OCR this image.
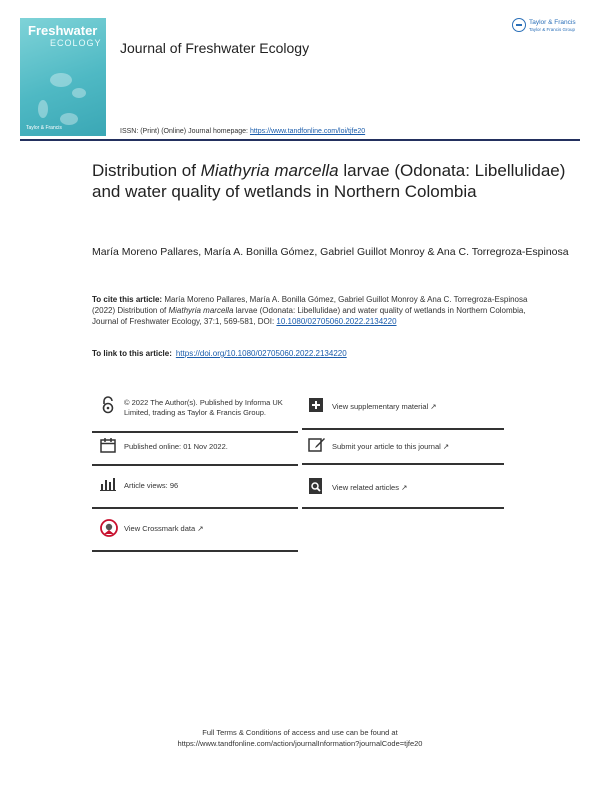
Freshwater
ECOLOGY
Taylor & Francis
Journal of Freshwater Ecology
Taylor & Francis
Taylor & Francis Group
ISSN: (Print) (Online) Journal homepage: https://www.tandfonline.com/loi/tjfe20
Distribution of Miathyria marcella larvae (Odonata: Libellulidae) and water quality of wetlands in Northern Colombia
María Moreno Pallares, María A. Bonilla Gómez, Gabriel Guillot Monroy & Ana C. Torregroza-Espinosa
To cite this article: María Moreno Pallares, María A. Bonilla Gómez, Gabriel Guillot Monroy & Ana C. Torregroza-Espinosa (2022) Distribution of Miathyria marcella larvae (Odonata: Libellulidae) and water quality of wetlands in Northern Colombia, Journal of Freshwater Ecology, 37:1, 569-581, DOI: 10.1080/02705060.2022.2134220
To link to this article: https://doi.org/10.1080/02705060.2022.2134220
© 2022 The Author(s). Published by Informa UK Limited, trading as Taylor & Francis Group.
Published online: 01 Nov 2022.
Article views: 96
View Crossmark data ↗
View supplementary material ↗
Submit your article to this journal ↗
View related articles ↗
Full Terms & Conditions of access and use can be found at
https://www.tandfonline.com/action/journalInformation?journalCode=tjfe20
